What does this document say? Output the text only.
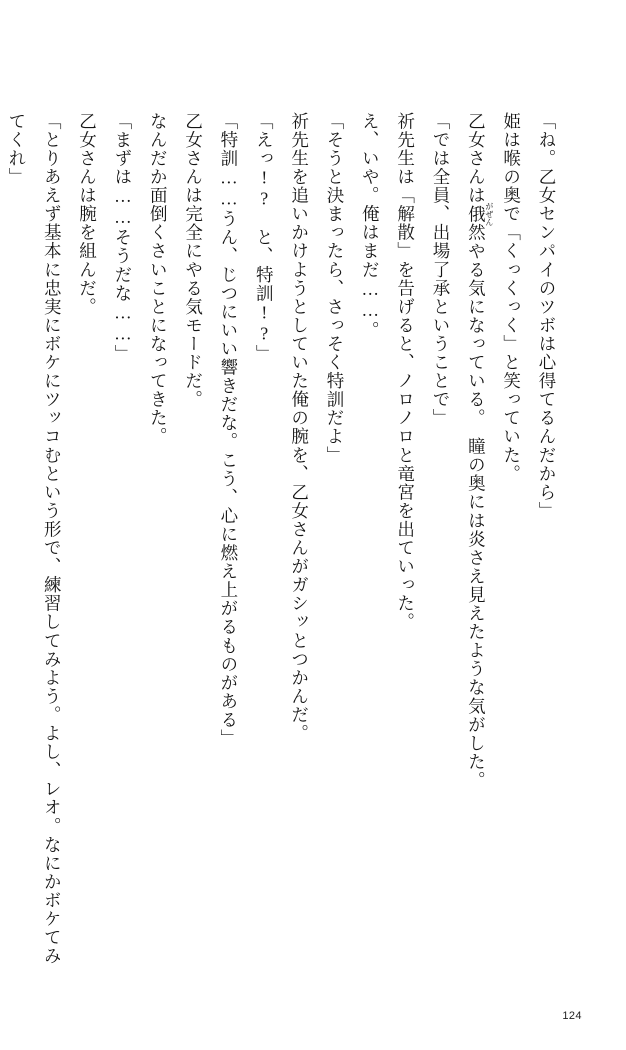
「ね。乙女センパイのツボは心得てるんだから」

姫は喉の奥で「くっくっく」と笑っていた。

乙女さんは俄がぜん然やる気になっている。　瞳の奥には炎さえ見えたような気がした。

「では全員、出場了承ということで」

祈先生は「解散」を告げると、ノロノロと竜宮を出ていった。

え、いや。俺はまだ……。

「そうと決まったら、さっそく特訓だよ」

祈先生を追いかけようとしていた俺の腕を、乙女さんがガシッとつかんだ。

「えっ!?　と、特訓!?」

「特訓……うん、じつにいい響きだな。こう、心に燃え上がるものがある」

乙女さんは完全にやる気モードだ。

なんだか面倒くさいことになってきた。

「まずは……そうだな……」

乙女さんは腕を組んだ。

「とりあえず基本に忠実にボケにツッコむという形で、練習してみよう。よし、レオ。なにかボケてみてくれ」

124
